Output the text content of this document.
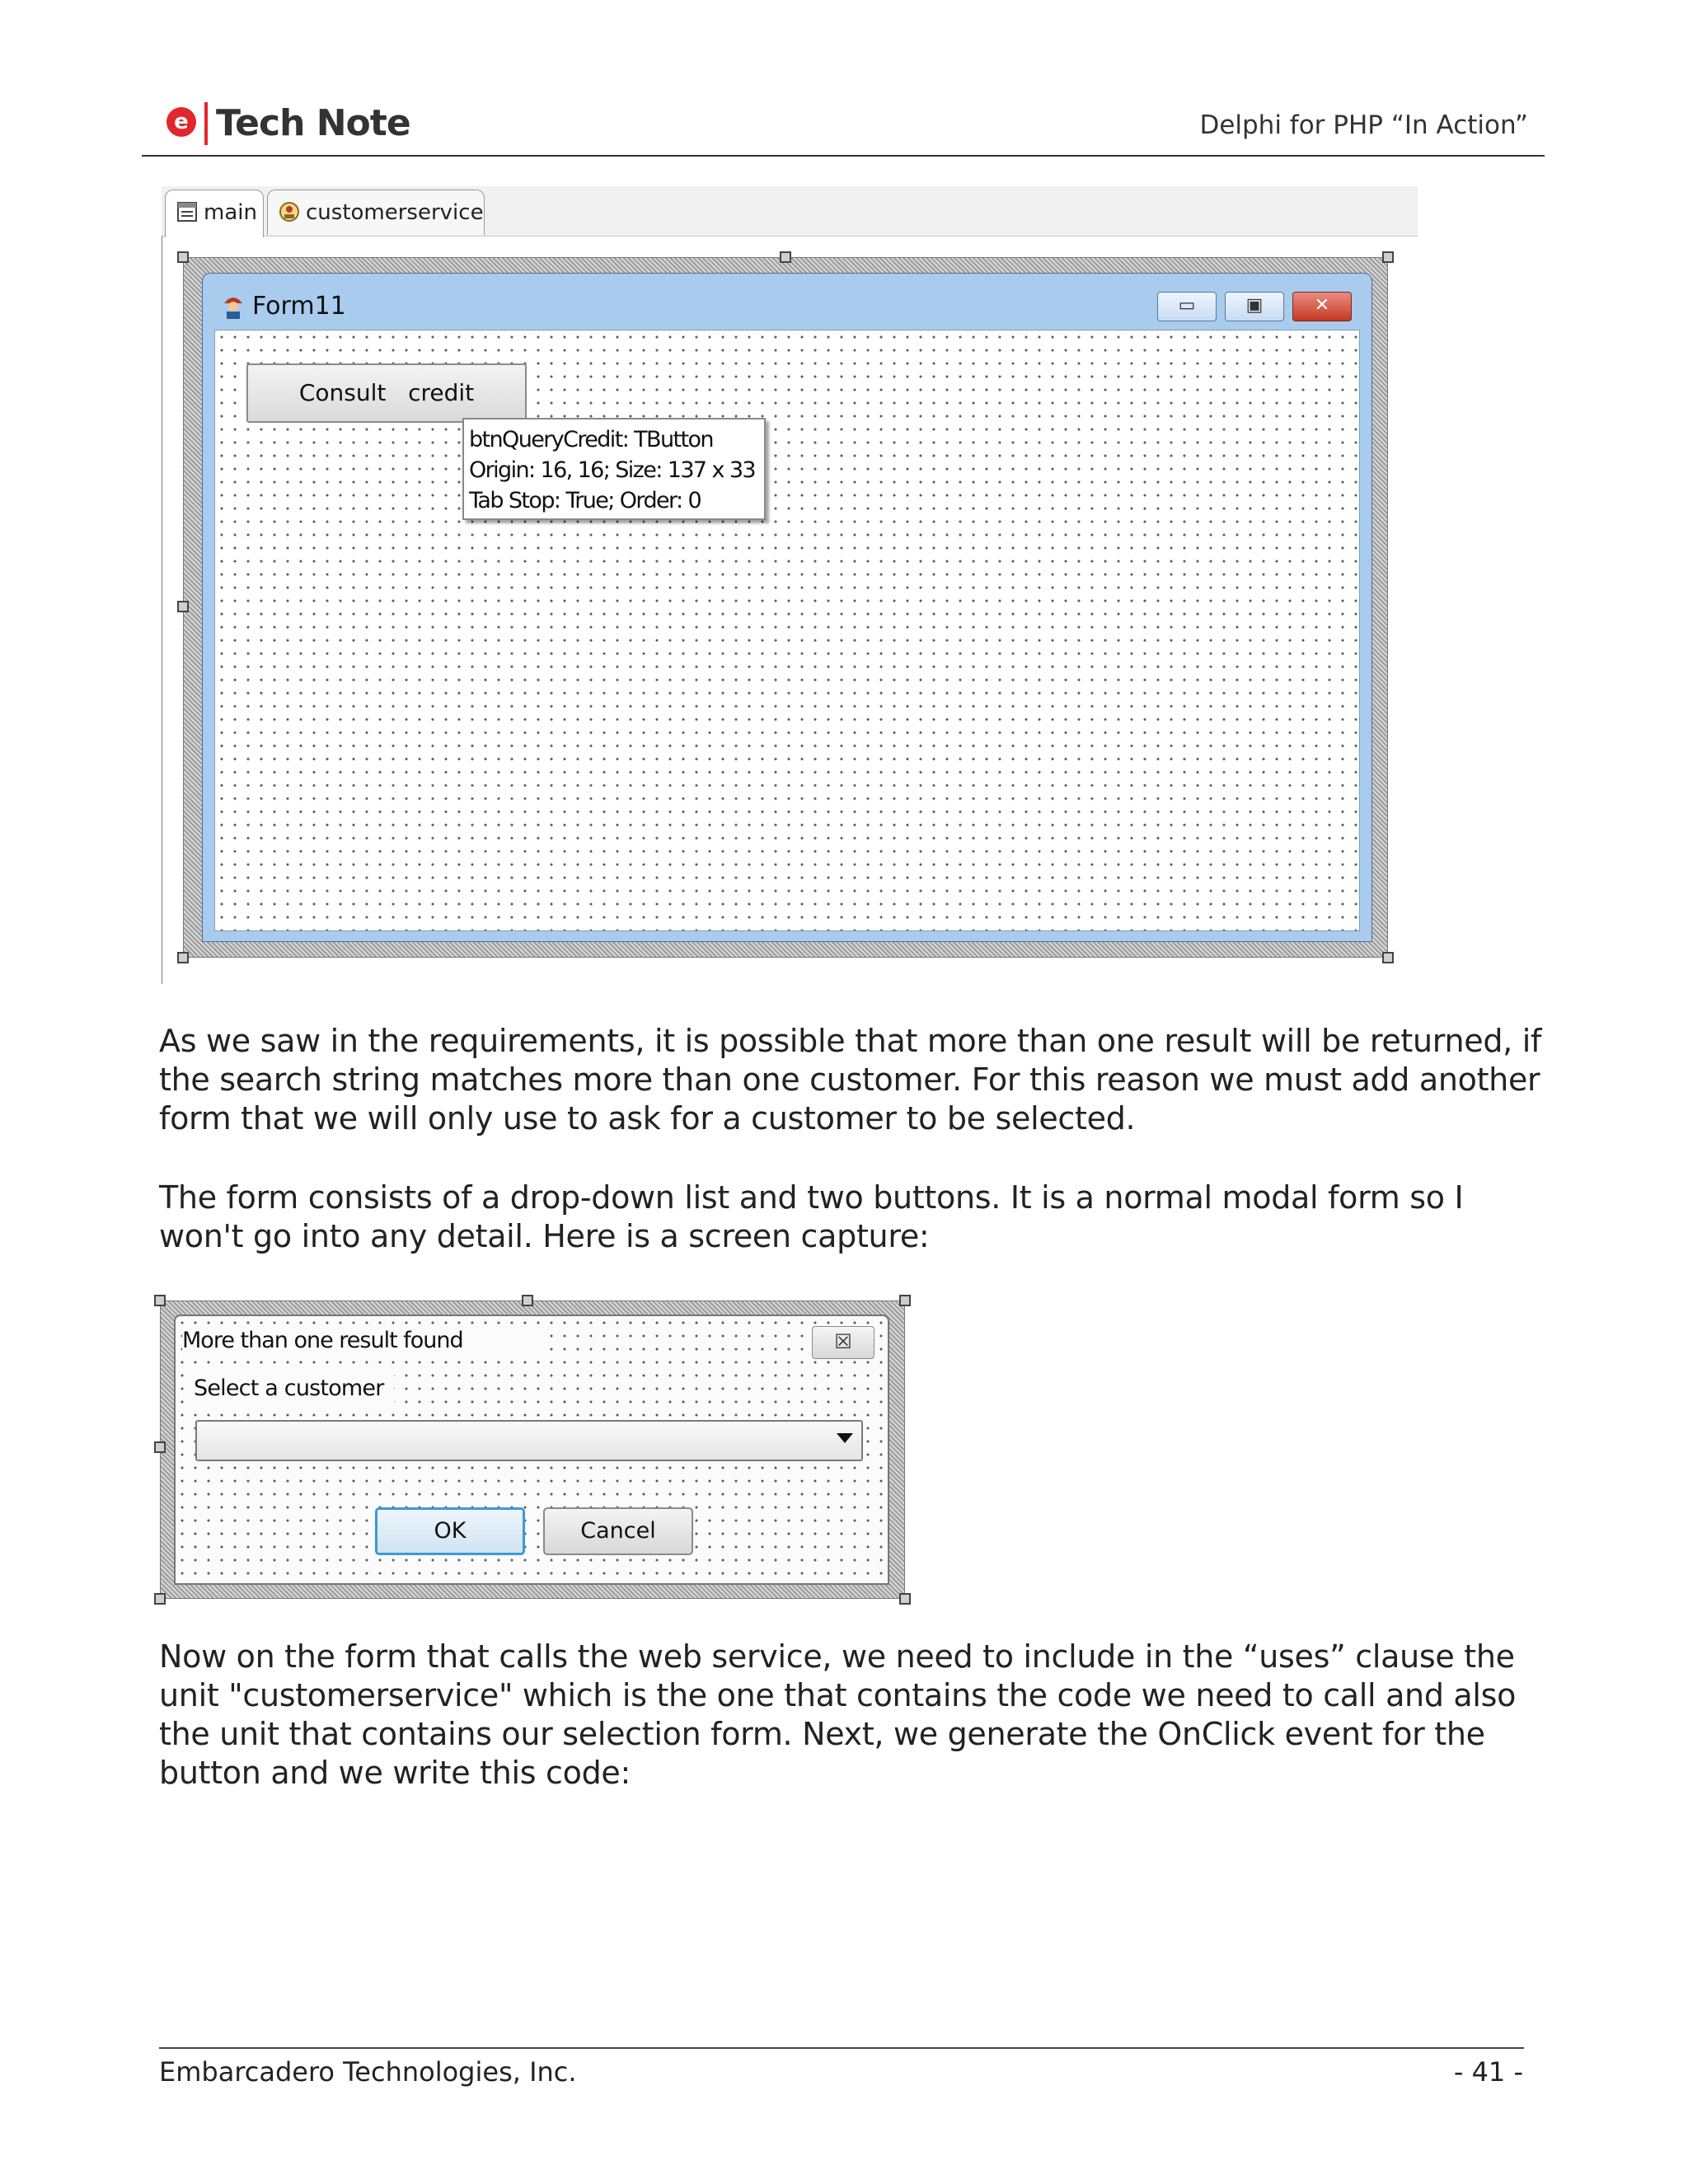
e Tech Note	Delphi for PHP “In Action”
main	customerservice
Form11	▭	▣	✕
Consult   credit
btnQueryCredit: TButton
Origin: 16, 16; Size: 137 x 33
Tab Stop: True; Order: 0
As we saw in the requirements, it is possible that more than one result will be returned, if the search string matches more than one customer. For this reason we must add another form that we will only use to ask for a customer to be selected.
The form consists of a drop-down list and two buttons. It is a normal modal form so I won't go into any detail. Here is a screen capture:
More than one result found	☒
Select a customer
OK	Cancel
Now on the form that calls the web service, we need to include in the “uses” clause the unit "customerservice" which is the one that contains the code we need to call and also the unit that contains our selection form. Next, we generate the OnClick event for the button and we write this code:
Embarcadero Technologies, Inc.	- 41 -
